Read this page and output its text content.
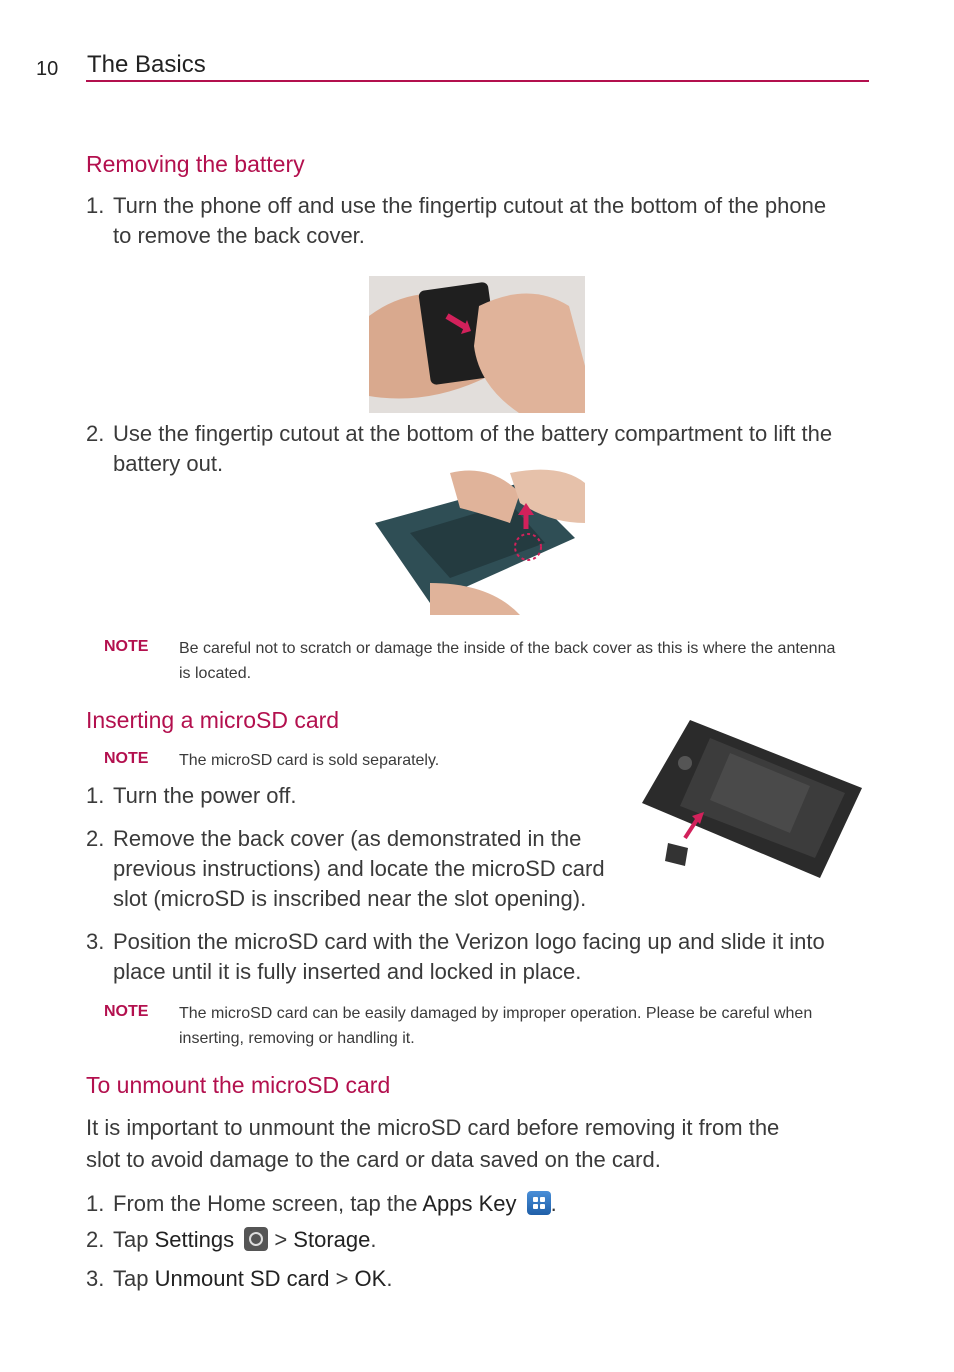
10 The Basics
Removing the battery
1. Turn the phone off and use the fingertip cutout at the bottom of the phone
to remove the back cover.
2. Use the fingertip cutout at the bottom of the battery compartment to lift the
battery out.
NOTE Be careful not to scratch or damage the inside of the back cover as this is where the antenna
is located.
Inserting a microSD card
NOTE The microSD card is sold separately.
1. Turn the power off.
2. Remove the back cover (as demonstrated in the
previous instructions) and locate the microSD card
slot (microSD is inscribed near the slot opening).
3. Position the microSD card with the Verizon logo facing up and slide it into
place until it is fully inserted and locked in place.
NOTE The microSD card can be easily damaged by improper operation. Please be careful when
inserting, removing or handling it.
To unmount the microSD card
It is important to unmount the microSD card before removing it from the
slot to avoid damage to the card or data saved on the card.
1. From the Home screen, tap the Apps Key .
2. Tap Settings  > Storage.
3. Tap Unmount SD card > OK.
